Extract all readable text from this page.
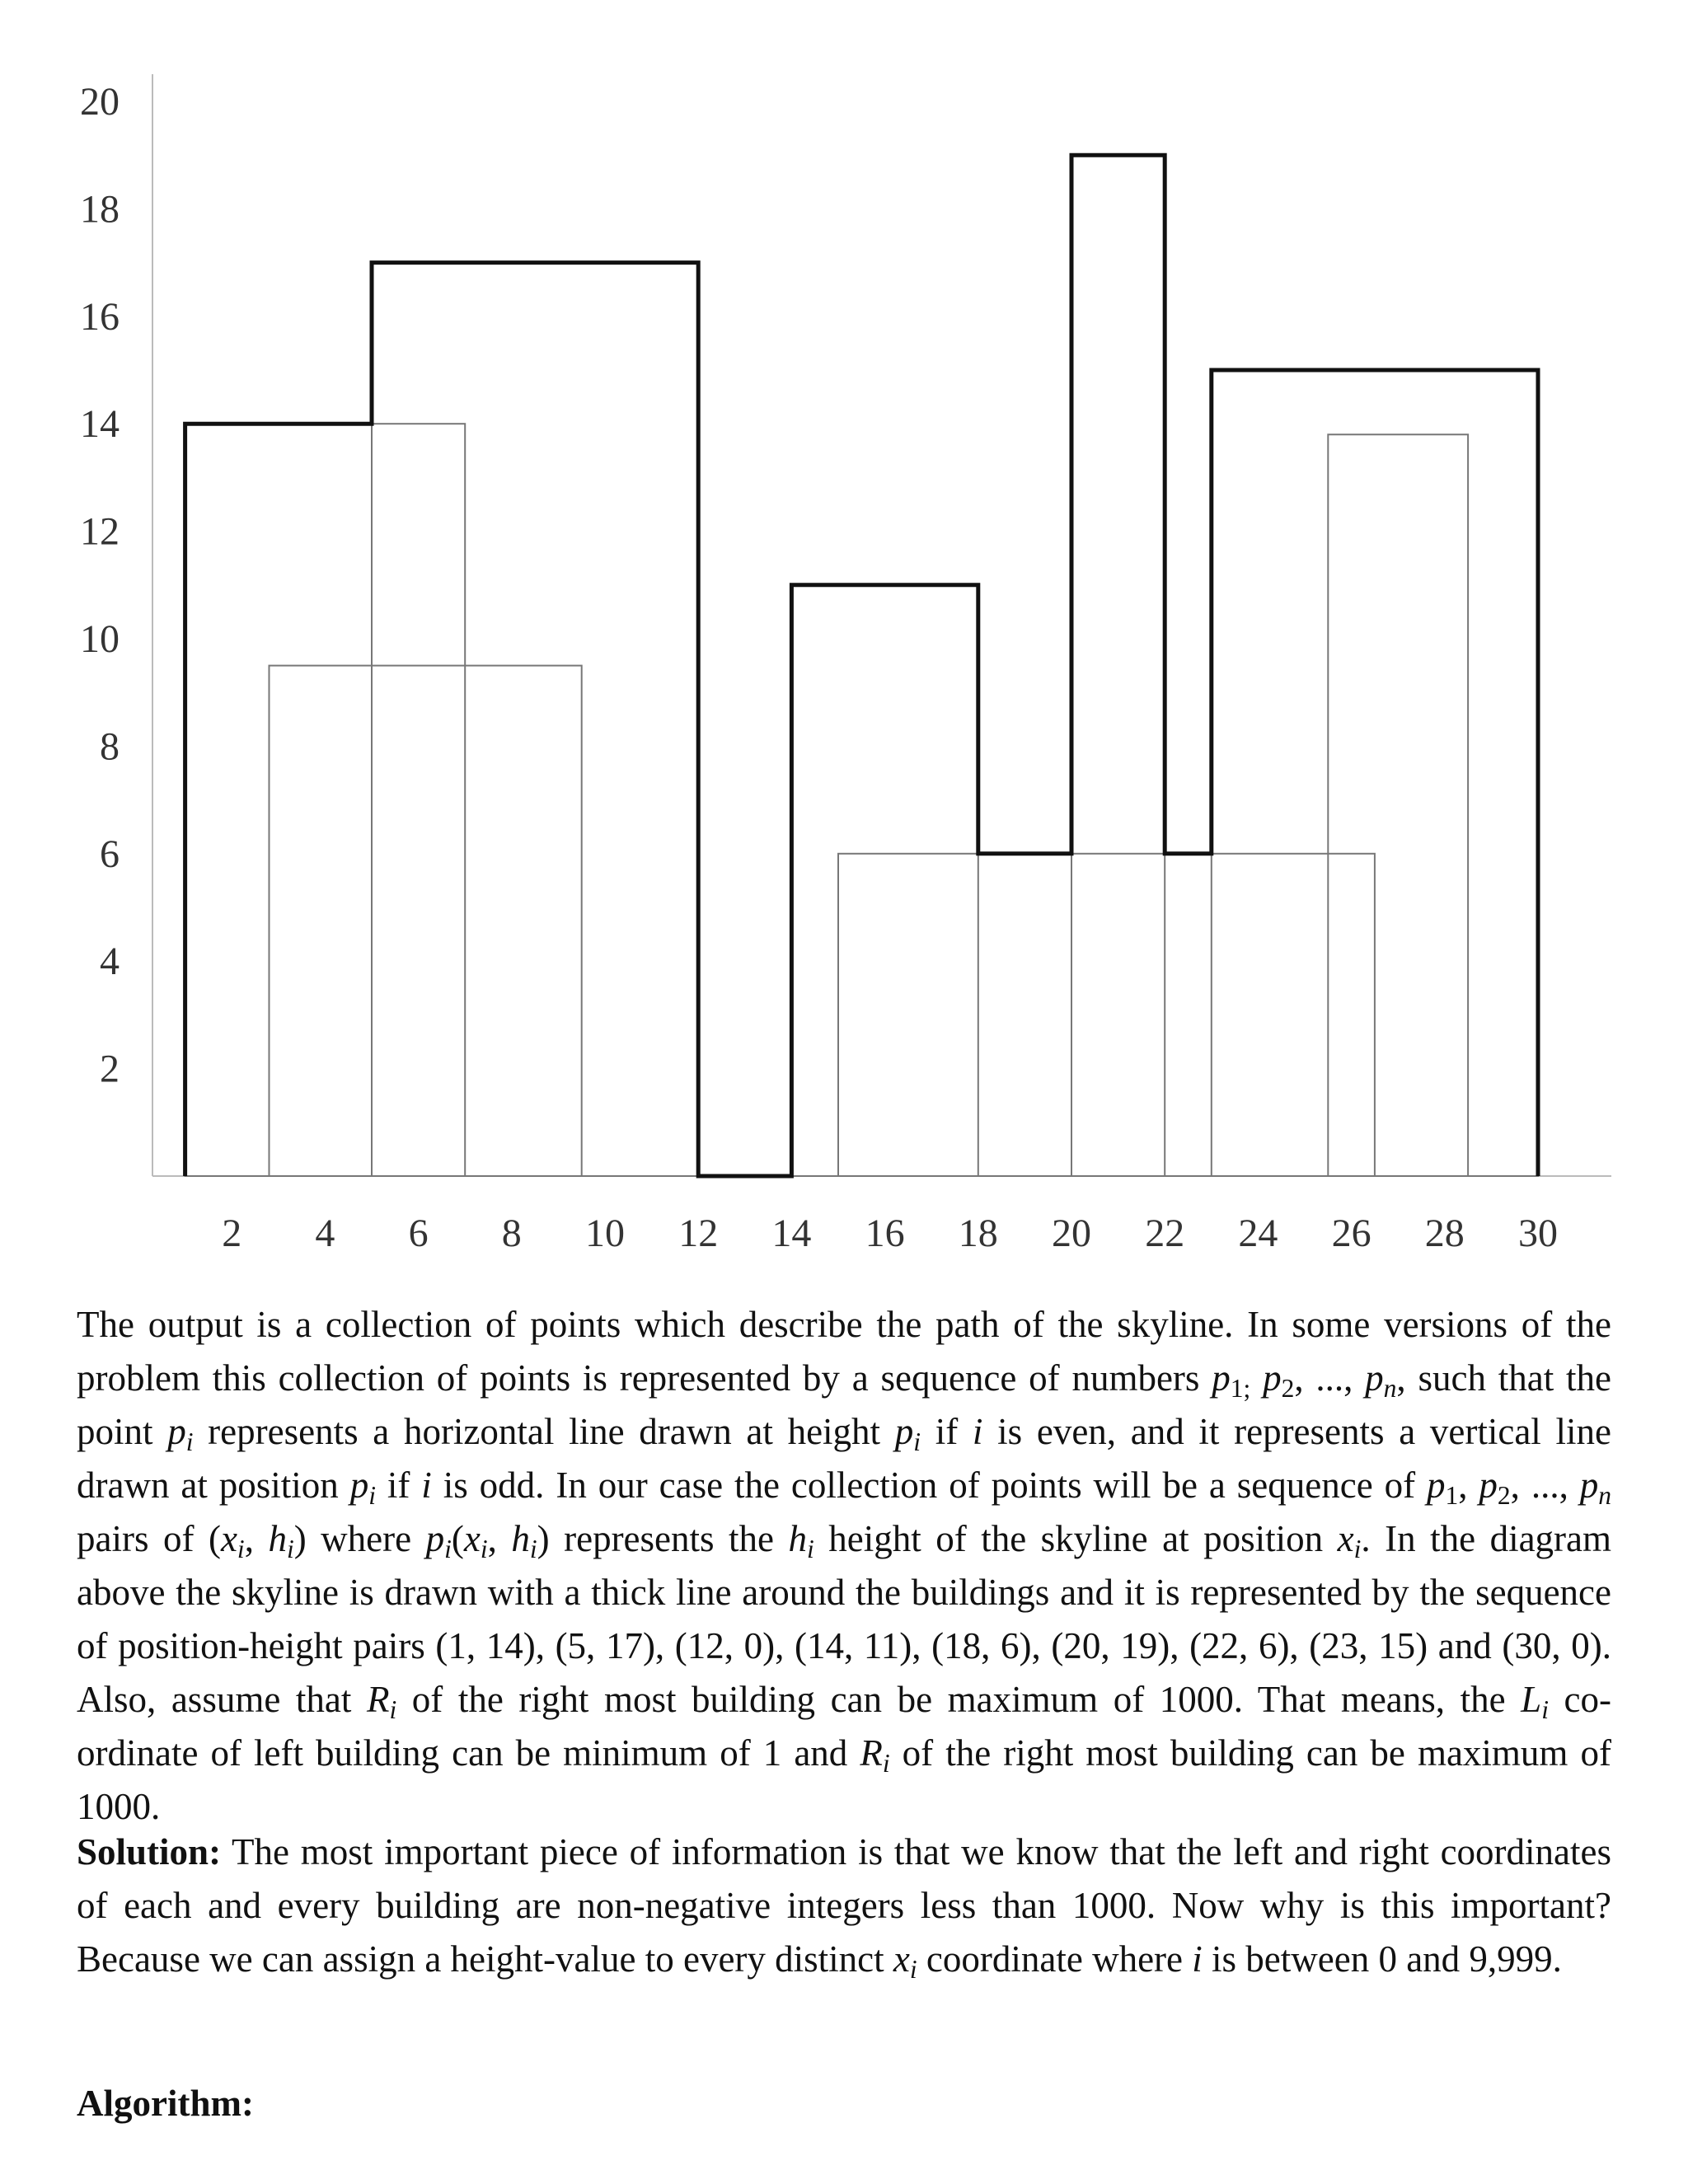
2
4
6
8
10
12
14
16
18
20
2 4 6 8 10 12 14 16 18 20 22 24 26 28 30
The output is a collection of points which describe the path of the skyline. In some versions of the problem this collection of points is represented by a sequence of numbers $p_{1;}$ $p_2$, ..., $p_n$, such that the point $p_i$ represents a horizontal line drawn at height $p_i$ if i is even, and it represents a vertical line drawn at position $p_i$ if i is odd. In our case the collection of points will be a sequence of $p_1$, $p_2$, ..., $p_n$ pairs of ($x_i$, $h_i$) where $p_i(x_i$, $h_i$) represents the $h_i$ height of the skyline at position $x_i$. In the diagram above the skyline is drawn with a thick line around the buildings and it is represented by the sequence of position-height pairs (1, 14), (5, 17), (12, 0), (14, 11), (18, 6), (20, 19), (22, 6), (23, 15) and (30, 0). Also, assume that $R_i$ of the right most building can be maximum of 1000. That means, the $L_i$ co-ordinate of left building can be minimum of 1 and $R_i$ of the right most building can be maximum of 1000.
Solution: The most important piece of information is that we know that the left and right coordinates of each and every building are non-negative integers less than 1000. Now why is this important? Because we can assign a height-value to every distinct $x_i$ coordinate where i is between 0 and 9,999.
Algorithm:
